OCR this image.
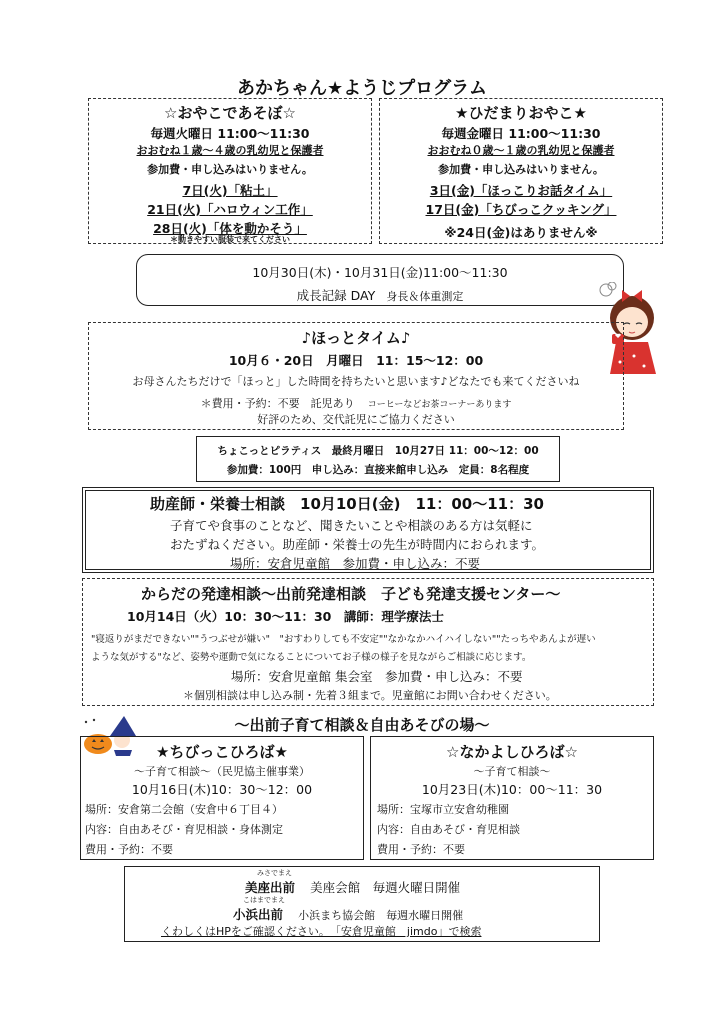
あかちゃん★ようじプログラム
☆おやこであそぼ☆
毎週火曜日 11:00～11:30
おおむね１歳～４歳の乳幼児と保護者
参加費・申し込みはいりません。
7日(火)「粘土」
21日(火)「ハロウィン工作」
28日(火)「体を動かそう」
＊動きやすい服装で来てください
★ひだまりおやこ★
毎週金曜日 11:00～11:30
おおむね０歳～１歳の乳幼児と保護者
参加費・申し込みはいりません。
3日(金)「ほっこりお話タイム」
17日(金)「ちびっこクッキング」
※24日(金)はありません※
10月30日(木)・10月31日(金)11:00～11:30
成長記録 DAY 身長＆体重測定
♪ほっとタイム♪
10月６・20日　月曜日　11：15～12：00
お母さんたちだけで「ほっと」した時間を持ちたいと思います♪どなたでも来てくださいね
＊費用・予約：不要　託児あり コーヒーなどお茶コーナーあります
好評のため、交代託児にご協力ください
ちょこっとピラティス　最終月曜日　10月27日 11：00～12：00
参加費：100円　申し込み：直接来館申し込み　定員：8名程度
助産師・栄養士相談　10月10日(金)　11：00～11：30
子育てや食事のことなど、聞きたいことや相談のある方は気軽に
おたずねください。助産師・栄養士の先生が時間内におられます。
場所：安倉児童館　参加費・申し込み：不要
からだの発達相談～出前発達相談　子ども発達支援センター～
10月14日（火）10：30～11：30　講師：理学療法士
"寝返りがまだできない""うつぶせが嫌い"　"おすわりしても不安定""なかなかハイハイしない""たっちやあんよが遅い
ような気がする"など、姿勢や運動で気になることについてお子様の様子を見ながらご相談に応じます。
場所：安倉児童館 集会室　参加費・申し込み：不要
＊個別相談は申し込み制・先着３組まで。児童館にお問い合わせください。
～出前子育て相談＆自由あそびの場～
★ちびっこひろば★
～子育て相談～（民児協主催事業）
10月16日(木)10：30～12：00
場所：安倉第二会館（安倉中６丁目４）
内容：自由あそび・育児相談・身体測定
費用・予約：不要
☆なかよしひろば☆
～子育て相談～
10月23日(木)10：00～11：30
場所：宝塚市立安倉幼稚園
内容：自由あそび・育児相談
費用・予約：不要
みさでまえ
美座出前 美座会館　毎週火曜日開催
こはまでまえ
小浜出前 小浜まち協会館　毎週水曜日開催
くわしくはHPをご確認ください。　「安倉児童館　jimdo」で検索
